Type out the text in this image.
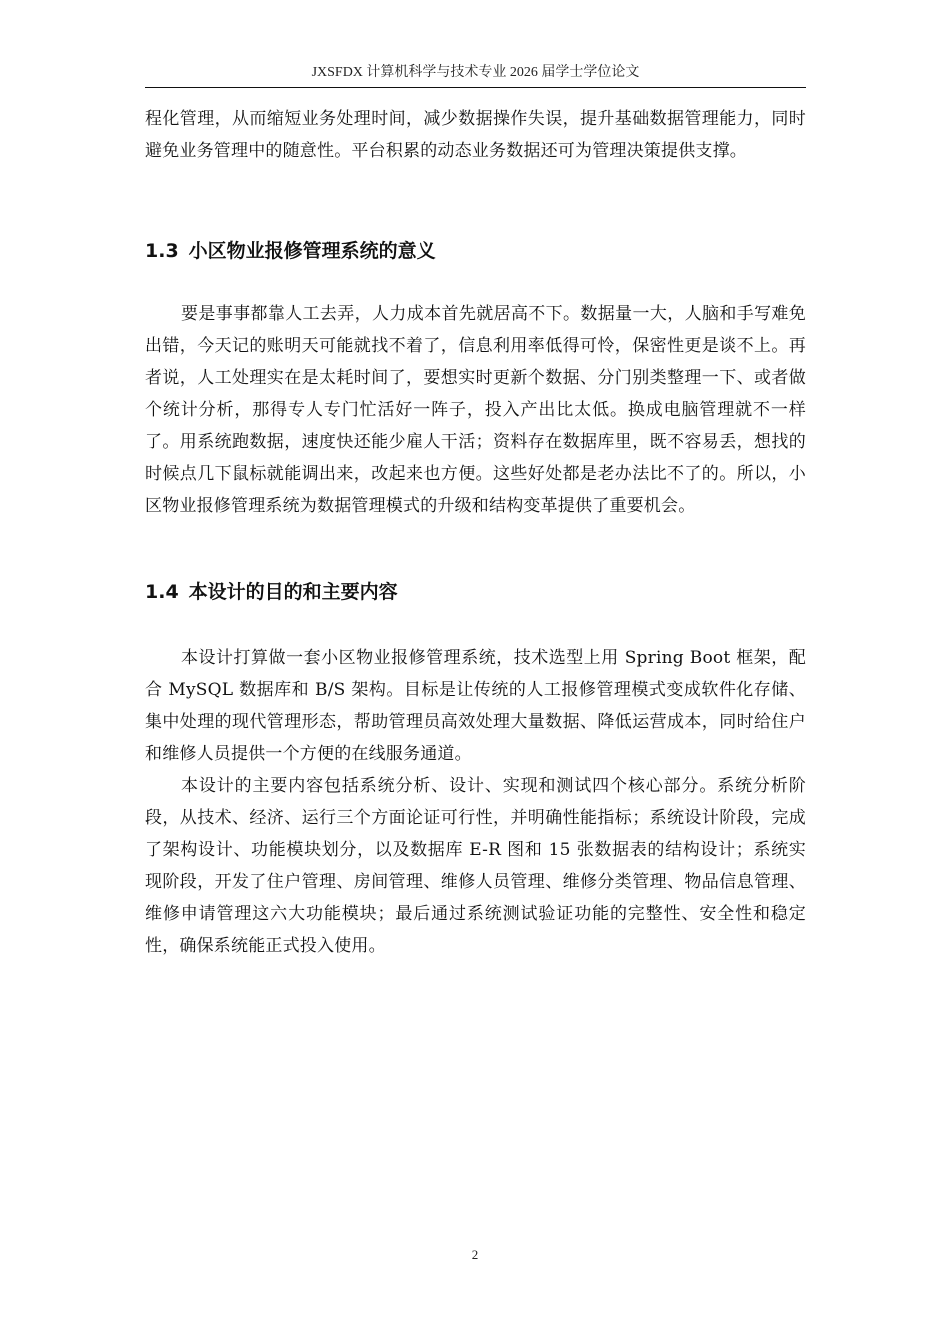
JXSFDX 计算机科学与技术专业 2026 届学士学位论文

程化管理，从而缩短业务处理时间，减少数据操作失误，提升基础数据管理能力，同时避免业务管理中的随意性。平台积累的动态业务数据还可为管理决策提供支撑。

1.3 小区物业报修管理系统的意义

要是事事都靠人工去弄，人力成本首先就居高不下。数据量一大，人脑和手写难免出错，今天记的账明天可能就找不着了，信息利用率低得可怜，保密性更是谈不上。再者说，人工处理实在是太耗时间了，要想实时更新个数据、分门别类整理一下、或者做个统计分析，那得专人专门忙活好一阵子，投入产出比太低。换成电脑管理就不一样了。用系统跑数据，速度快还能少雇人干活；资料存在数据库里，既不容易丢，想找的时候点几下鼠标就能调出来，改起来也方便。这些好处都是老办法比不了的。所以，小区物业报修管理系统为数据管理模式的升级和结构变革提供了重要机会。

1.4 本设计的目的和主要内容

本设计打算做一套小区物业报修管理系统，技术选型上用 Spring Boot 框架，配合 MySQL 数据库和 B/S 架构。目标是让传统的人工报修管理模式变成软件化存储、集中处理的现代管理形态，帮助管理员高效处理大量数据、降低运营成本，同时给住户和维修人员提供一个方便的在线服务通道。

本设计的主要内容包括系统分析、设计、实现和测试四个核心部分。系统分析阶段，从技术、经济、运行三个方面论证可行性，并明确性能指标；系统设计阶段，完成了架构设计、功能模块划分，以及数据库 E-R 图和 15 张数据表的结构设计；系统实现阶段，开发了住户管理、房间管理、维修人员管理、维修分类管理、物品信息管理、维修申请管理这六大功能模块；最后通过系统测试验证功能的完整性、安全性和稳定性，确保系统能正式投入使用。

2
